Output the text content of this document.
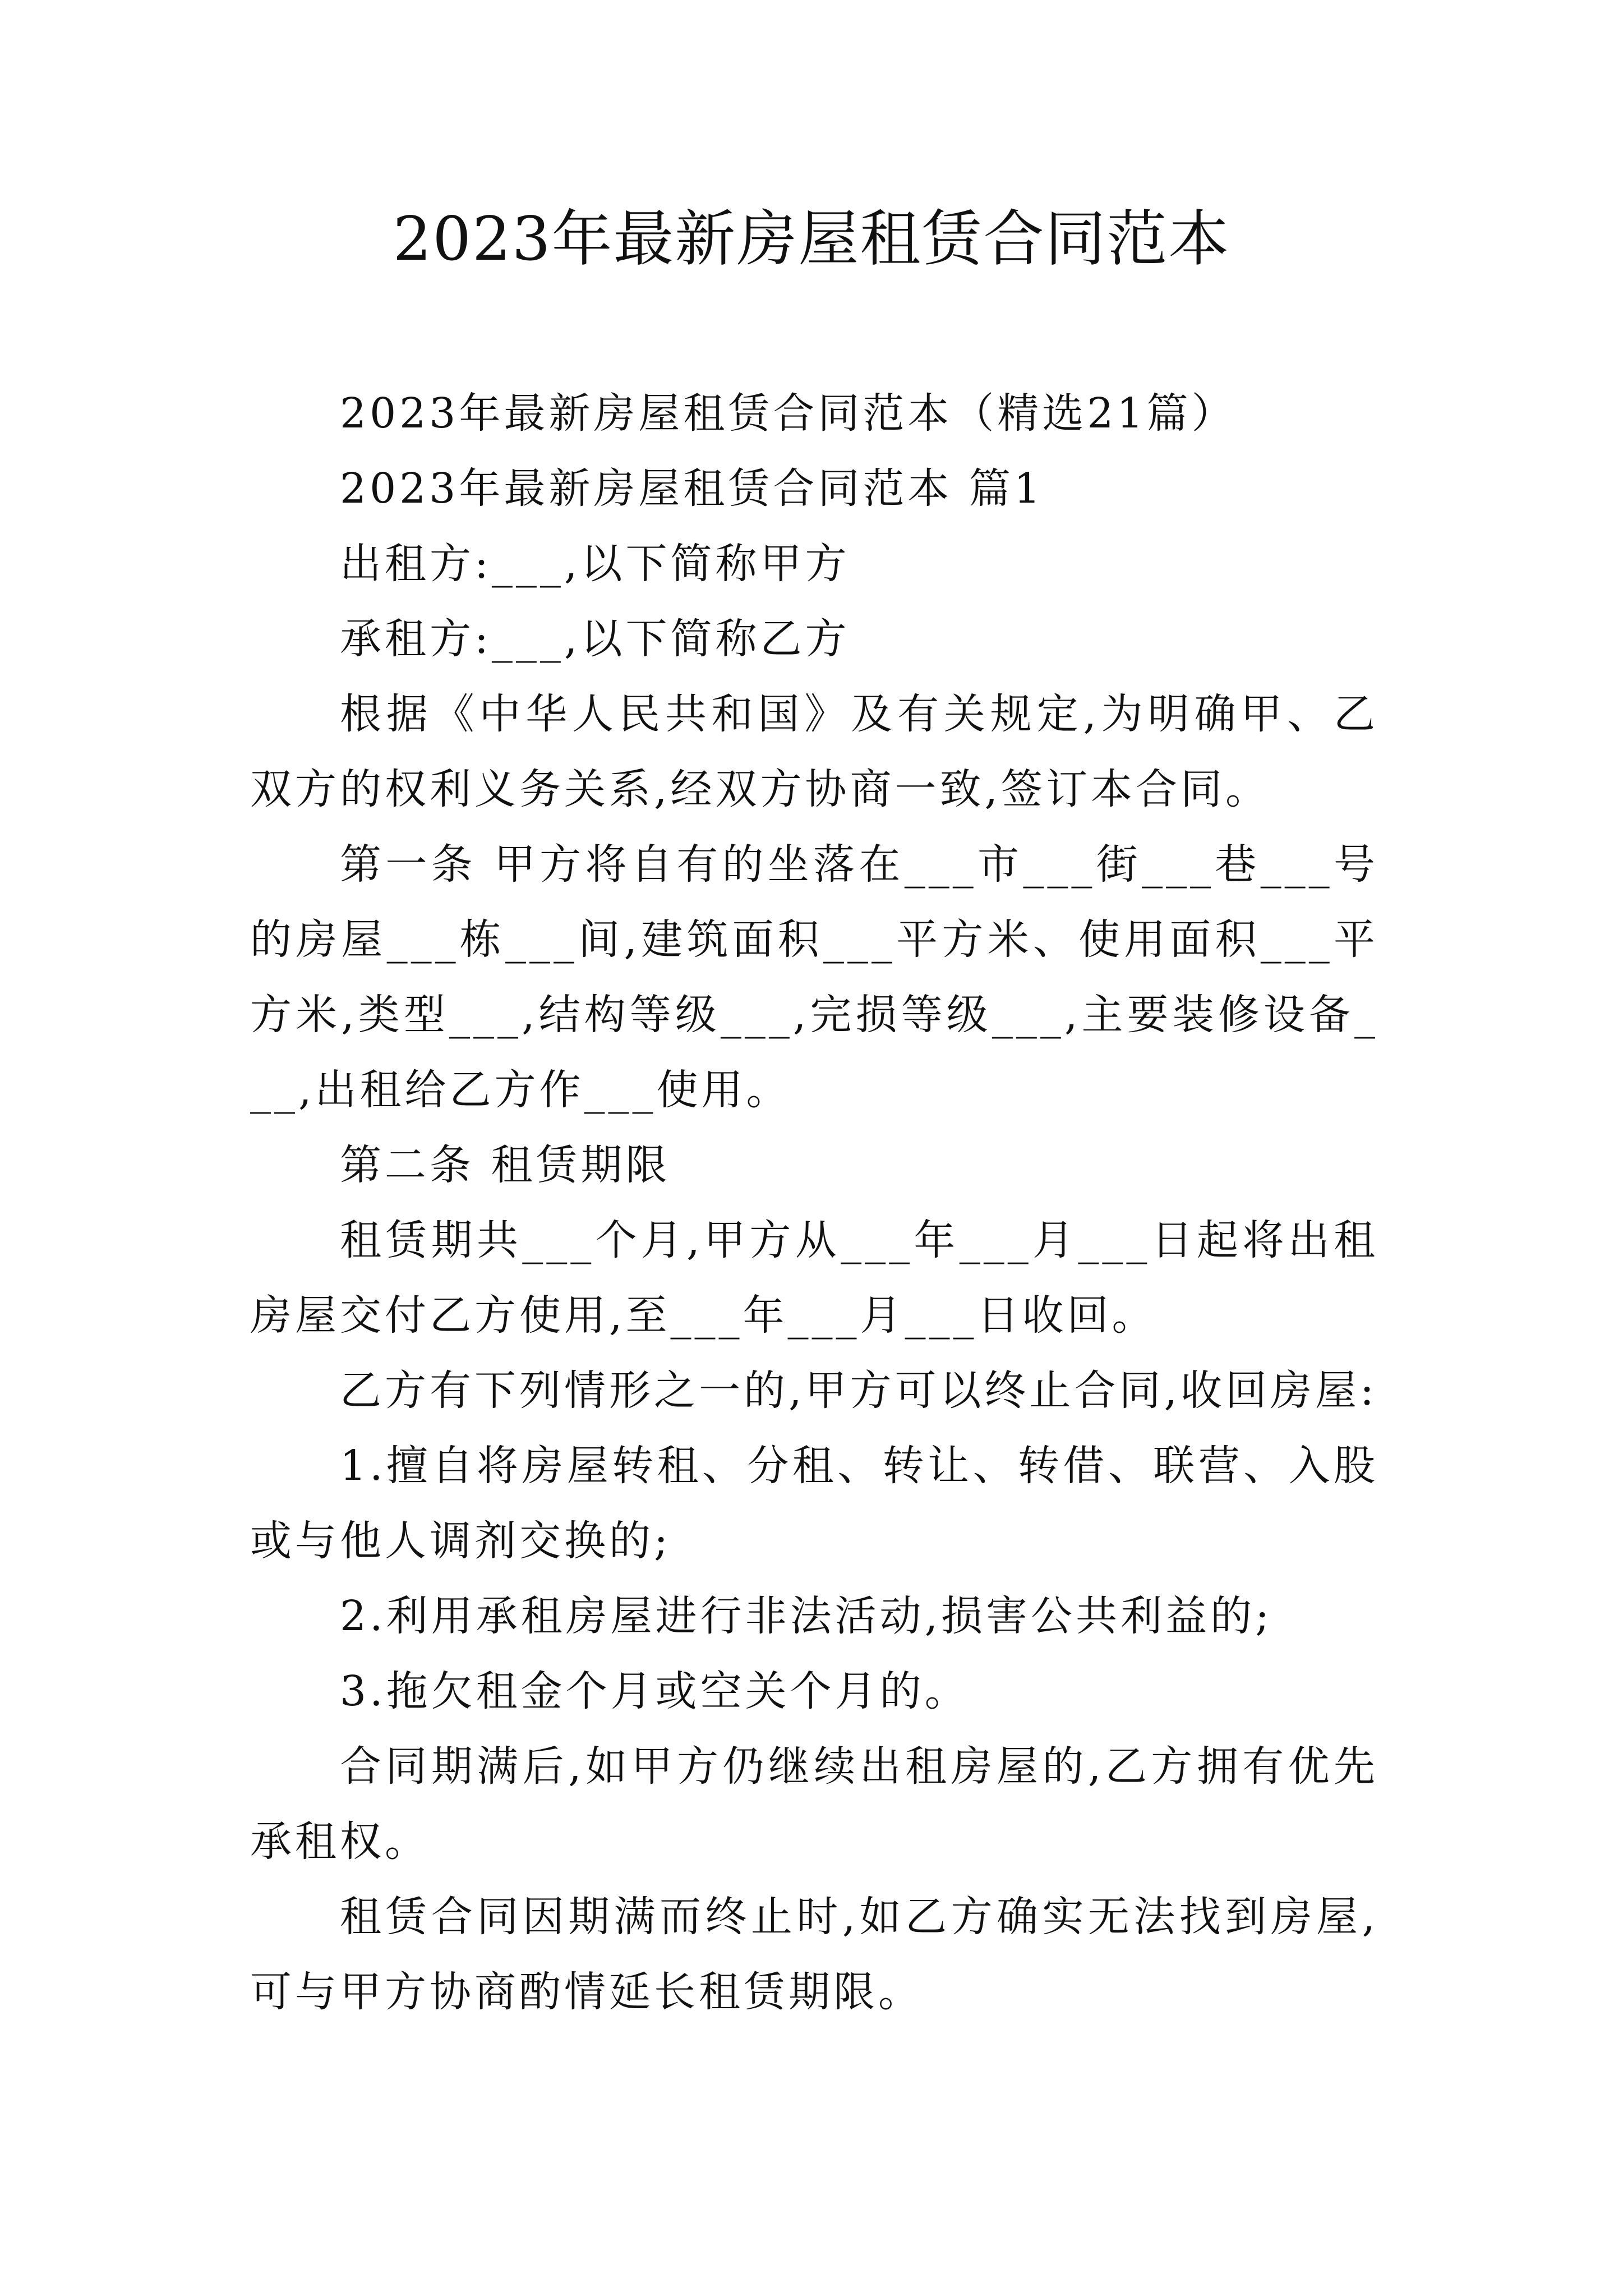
2023年最新房屋租赁合同范本

2023年最新房屋租赁合同范本（精选21篇）

2023年最新房屋租赁合同范本 篇1

出租方:___,以下简称甲方

承租方:___,以下简称乙方

根据《中华人民共和国》及有关规定,为明确甲、乙双方的权利义务关系,经双方协商一致,签订本合同。

第一条 甲方将自有的坐落在___市___街___巷___号的房屋___栋___间,建筑面积___平方米、使用面积___平方米,类型___,结构等级___,完损等级___,主要装修设备___,出租给乙方作___使用。

第二条 租赁期限

租赁期共___个月,甲方从___年___月___日起将出租房屋交付乙方使用,至___年___月___日收回。

乙方有下列情形之一的,甲方可以终止合同,收回房屋:

1.擅自将房屋转租、分租、转让、转借、联营、入股或与他人调剂交换的;

2.利用承租房屋进行非法活动,损害公共利益的;

3.拖欠租金个月或空关个月的。

合同期满后,如甲方仍继续出租房屋的,乙方拥有优先承租权。

租赁合同因期满而终止时,如乙方确实无法找到房屋,可与甲方协商酌情延长租赁期限。
